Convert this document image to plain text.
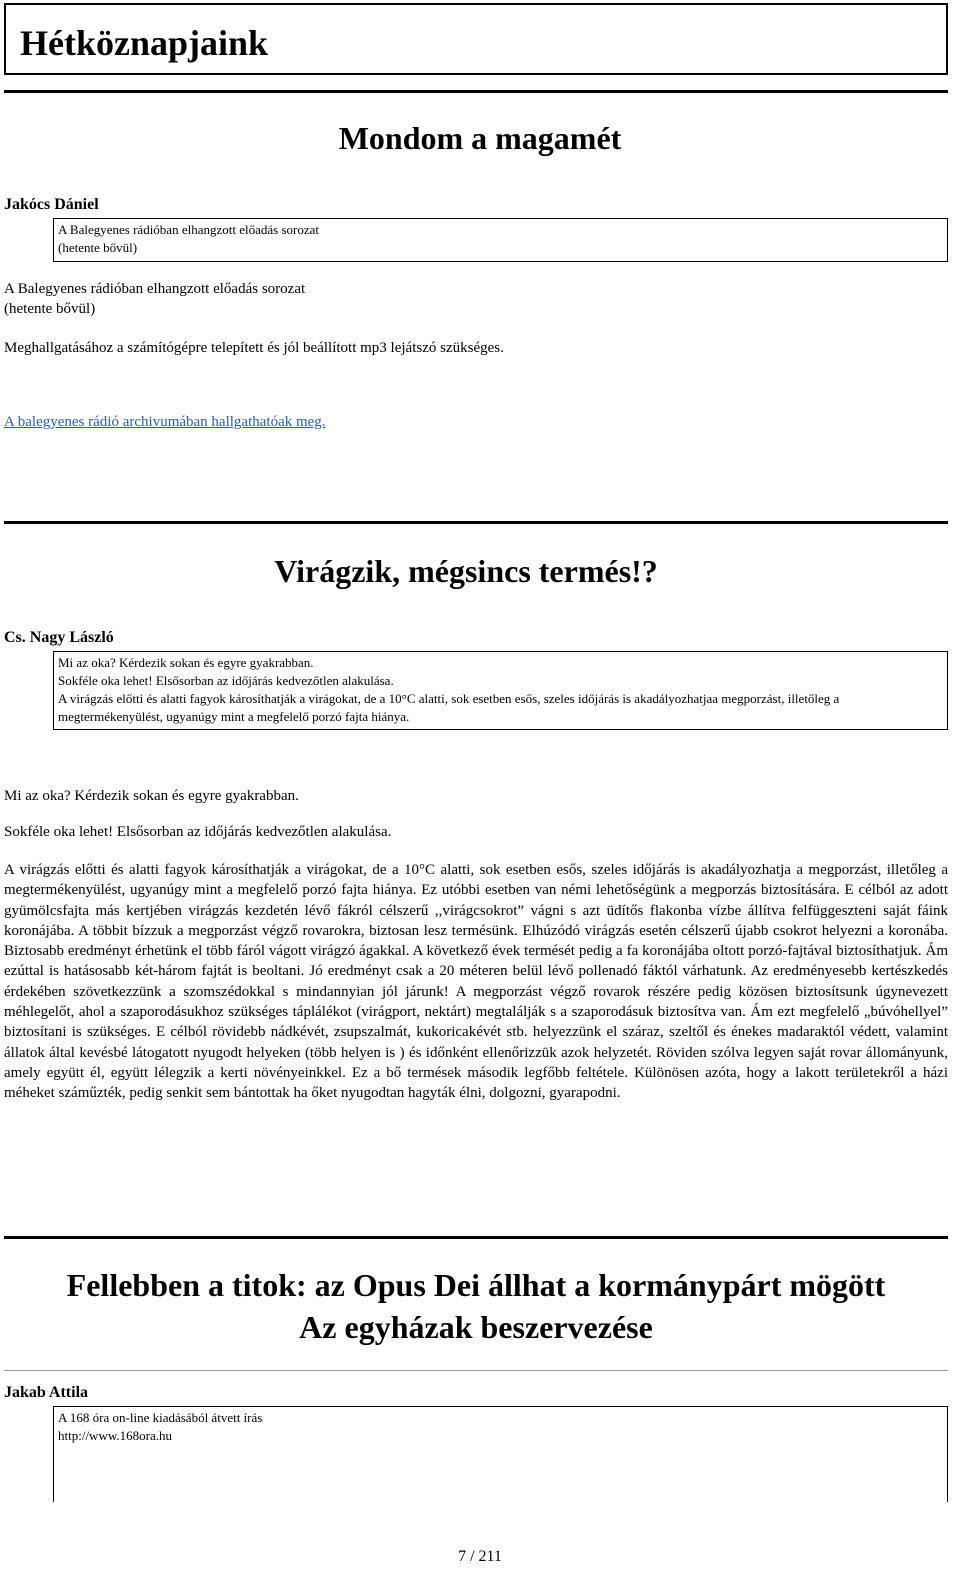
Hétköznapjaink
Mondom a magamét
Jakócs Dániel
A Balegyenes rádióban elhangzott előadás sorozat
(hetente bővül)
A Balegyenes rádióban elhangzott előadás sorozat
(hetente bővül)
Meghallgatásához a számítógépre telepített és jól beállított mp3 lejátszó szükséges.
A balegyenes rádió archivumában hallgathatóak meg.
Virágzik, mégsincs termés!?
Cs. Nagy László
Mi az oka? Kérdezik sokan és egyre gyakrabban.
Sokféle oka lehet! Elsősorban az időjárás kedvezőtlen alakulása.
A virágzás előtti és alatti fagyok károsíthatják a virágokat, de a 10°C alatti, sok esetben esős, szeles időjárás is akadályozhatjaa megporzást, illetőleg a megtermékenyülést, ugyanúgy mint a megfelelő porzó fajta hiánya.
Mi az oka? Kérdezik sokan és egyre gyakrabban.
Sokféle oka lehet! Elsősorban az időjárás kedvezőtlen alakulása.

A virágzás előtti és alatti fagyok károsíthatják a virágokat, de a 10°C alatti, sok esetben esős, szeles időjárás is akadályozhatja a megporzást, illetőleg a megtermékenyülést, ugyanúgy mint a megfelelő porzó fajta hiánya. Ez utóbbi esetben van némi lehetőségünk a megporzás biztosítására. E célból az adott gyümölcsfajta más kertjében virágzás kezdetén lévő fákról célszerű ,,virágcsokrot” vágni s azt üdítős flakonba vízbe állítva felfüggeszteni saját fáink koronájába. A többit bízzuk a megporzást végző rovarokra, biztosan lesz termésünk. Elhúzódó virágzás esetén célszerű újabb csokrot helyezni a koronába. Biztosabb eredményt érhetünk el több fáról vágott virágzó ágakkal. A következő évek termését pedig a fa koronájába oltott porzó-fajtával biztosíthatjuk. Ám ezúttal is hatásosabb két-három fajtát is beoltani. Jó eredményt csak a 20 méteren belül lévő pollenadó fáktól várhatunk. Az eredményesebb kertészkedés érdekében szövetkezzünk a szomszédokkal s mindannyian jól járunk! A megporzást végző rovarok részére pedig közösen biztosítsunk úgynevezett méhlegelőt, ahol a szaporodásukhoz szükséges táplálékot (virágport, nektárt) megtalálják s a szaporodásuk biztosítva van. Ám ezt megfelelő „búvóhellyel” biztosítani is szükséges. E célból rövidebb nádkévét, zsupszalmát, kukoricakévét stb. helyezzünk el száraz, szeltől és énekes madaraktól védett, valamint állatok által kevésbé látogatott nyugodt helyeken (több helyen is ) és időnként ellenőrizzük azok helyzetét. Röviden szólva legyen saját rovar állományunk, amely együtt él, együtt lélegzik a kerti növényeinkkel. Ez a bő termések második legfőbb feltétele. Különösen azóta, hogy a lakott területekről a házi méheket száműzték, pedig senkit sem bántottak ha őket nyugodtan hagyták élni, dolgozni, gyarapodni.

Fellebben a titok: az Opus Dei állhat a kormánypárt mögött
Az egyházak beszervezése
Jakab Attila
A 168 óra on-line kiadásából átvett írás
http://www.168ora.hu
7 / 211
